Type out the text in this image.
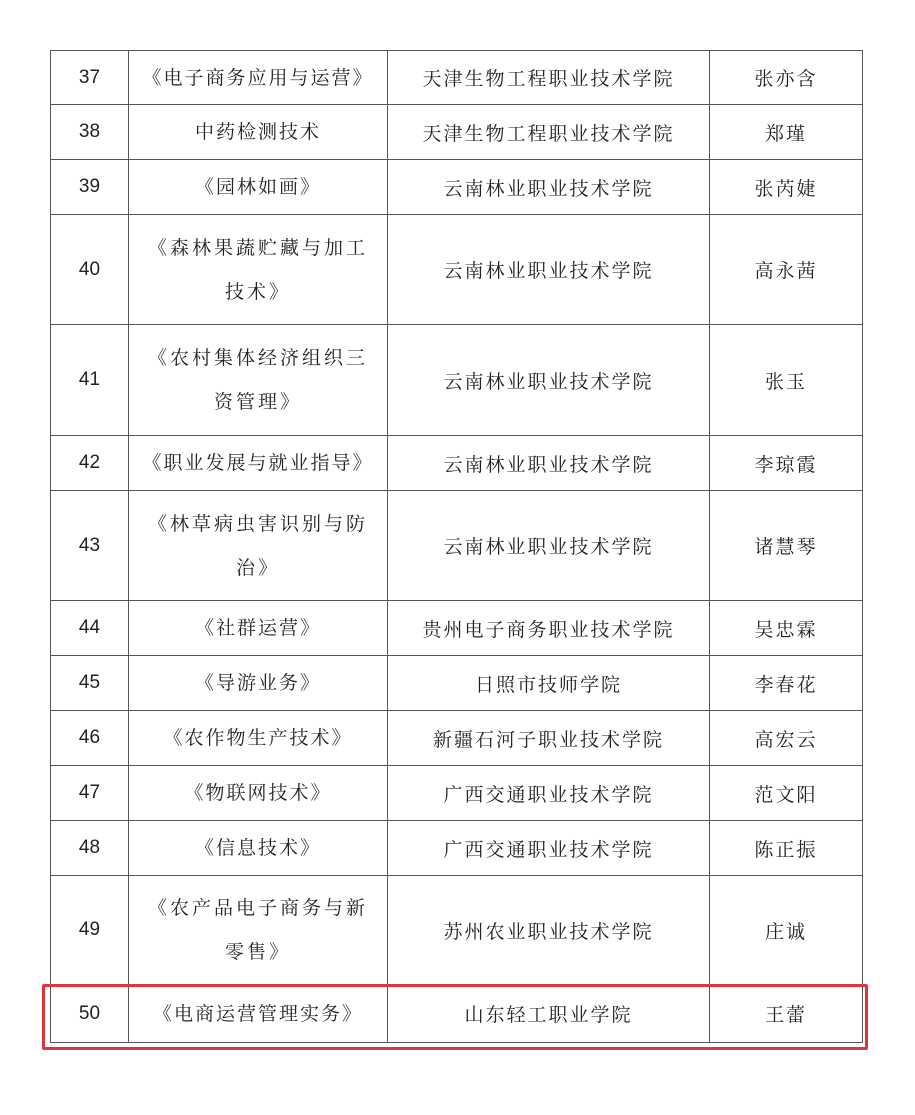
37	《电子商务应用与运营》	天津生物工程职业技术学院	张亦含
38	中药检测技术	天津生物工程职业技术学院	郑瑾
39	《园林如画》	云南林业职业技术学院	张芮婕
40	《森林果蔬贮藏与加工技术》	云南林业职业技术学院	高永茜
41	《农村集体经济组织三资管理》	云南林业职业技术学院	张玉
42	《职业发展与就业指导》	云南林业职业技术学院	李琼霞
43	《林草病虫害识别与防治》	云南林业职业技术学院	诸慧琴
44	《社群运营》	贵州电子商务职业技术学院	吴忠霖
45	《导游业务》	日照市技师学院	李春花
46	《农作物生产技术》	新疆石河子职业技术学院	高宏云
47	《物联网技术》	广西交通职业技术学院	范文阳
48	《信息技术》	广西交通职业技术学院	陈正振
49	《农产品电子商务与新零售》	苏州农业职业技术学院	庄诚
50	《电商运营管理实务》	山东轻工职业学院	王蕾
